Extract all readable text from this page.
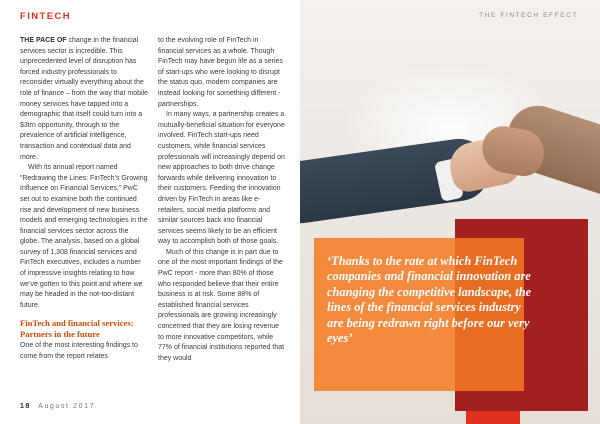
FINTECH

THE PACE OF change in the financial services sector is incredible. This unprecedented level of disruption has forced industry professionals to reconsider virtually everything about the role of finance – from the way that mobile money services have tapped into a demographic that itself could turn into a $3trn opportunity, through to the prevalence of artificial intelligence, transaction and contextual data and more.

With its annual report named “Redrawing the Lines: FinTech’s Growing Influence on Financial Services,” PwC set out to examine both the continued rise and development of new business models and emerging technologies in the financial services sector across the globe. The analysis, based on a global survey of 1,308 financial services and FinTech executives, includes a number of impressive insights relating to how we’ve gotten to this point and where we may be headed in the not-too-distant future.

FinTech and financial services: Partners in the future

One of the most interesting findings to come from the report relates

to the evolving role of FinTech in financial services as a whole. Though FinTech may have begun life as a series of start-ups who were looking to disrupt the status quo, modern companies are instead looking for something different - partnerships.

In many ways, a partnership creates a mutually-beneficial situation for everyone involved. FinTech start-ups need customers, while financial services professionals will increasingly depend on new approaches to both drive change forwards while delivering innovation to their customers. Feeding the innovation driven by FinTech in areas like e-retailers, social media platforms and similar sources back into financial services seems likely to be an efficient way to accomplish both of those goals.

Much of this change is in part due to one of the most important findings of the PwC report - more than 80% of those who responded believe that their entire business is at risk. Some 88% of established financial services professionals are growing increasingly concerned that they are losing revenue to more innovative competitors, while 77% of financial institutions reported that they would

18 August 2017
THE FINTECH EFFECT

‘Thanks to the rate at which FinTech companies and financial innovation are changing the competitive landscape, the lines of the financial services industry are being redrawn right before our very eyes’
